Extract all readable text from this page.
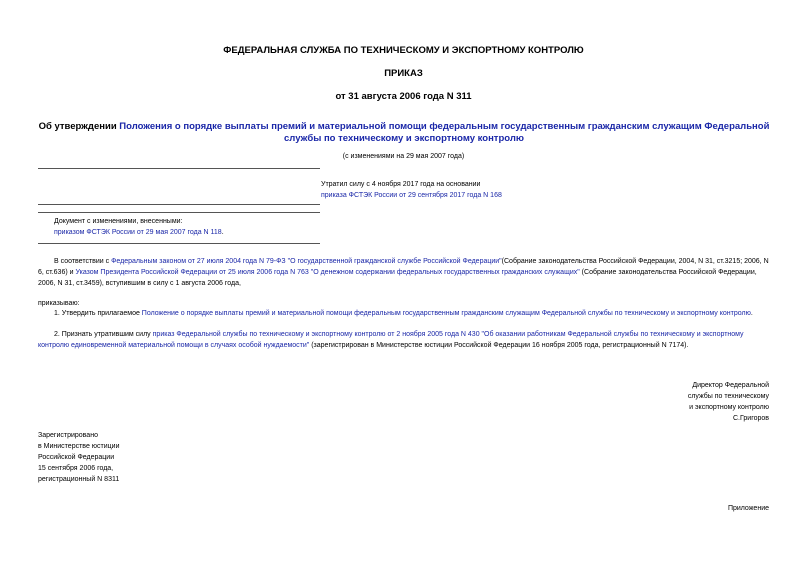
ФЕДЕРАЛЬНАЯ СЛУЖБА ПО ТЕХНИЧЕСКОМУ И ЭКСПОРТНОМУ КОНТРОЛЮ
ПРИКАЗ
от 31 августа 2006 года N 311
Об утверждении Положения о порядке выплаты премий и материальной помощи федеральным государственным гражданским служащим Федеральной службы по техническому и экспортному контролю
(с изменениями на 29 мая 2007 года)
Утратил силу с 4 ноября 2017 года на основании
приказа ФСТЭК России от 29 сентября 2017 года N 168
Документ с изменениями, внесенными:
приказом ФСТЭК России от 29 мая 2007 года N 118.
В соответствии с Федеральным законом от 27 июля 2004 года N 79-ФЗ "О государственной гражданской службе Российской Федерации"(Собрание законодательства Российской Федерации, 2004, N 31, ст.3215; 2006, N 6, ст.636) и Указом Президента Российской Федерации от 25 июля 2006 года N 763 "О денежном содержании федеральных государственных гражданских служащих" (Собрание законодательства Российской Федерации, 2006, N 31, ст.3459), вступившим в силу с 1 августа 2006 года,
приказываю:
1. Утвердить прилагаемое Положение о порядке выплаты премий и материальной помощи федеральным государственным гражданским служащим Федеральной службы по техническому и экспортному контролю.
2. Признать утратившим силу приказ Федеральной службы по техническому и экспортному контролю от 2 ноября 2005 года N 430 "Об оказании работникам Федеральной службы по техническому и экспортному контролю единовременной материальной помощи в случаях особой нуждаемости" (зарегистрирован в Министерстве юстиции Российской Федерации 16 ноября 2005 года, регистрационный N 7174).

Директор Федеральной

службы по техническому

и экспортному контролю

С.Григоров

Зарегистрировано

в Министерстве юстиции

Российской Федерации

15 сентября 2006 года,

регистрационный N 8311

Приложение
